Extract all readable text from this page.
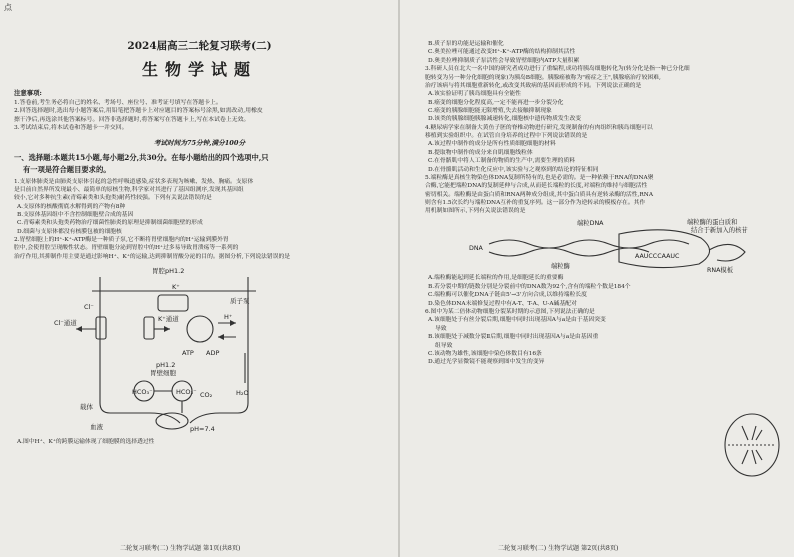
点

2024届高三二轮复习联考(二)

生物学试题

注意事项:

1.答卷前,考生务必将自己的姓名、考场号、座位号、准考证号填写在答题卡上。

2.回答选择题时,选出每小题答案后,用铅笔把答题卡上对应题目的答案标号涂黑,如需改动,用橡皮

擦干净后,再选涂其他答案标号。回答非选择题时,将答案写在答题卡上,写在本试卷上无效。

3.考试结束后,将本试卷和答题卡一并交回。

考试时间为75分钟,满分100分

一、选择题:本题共15小题,每小题2分,共30分。在每小题给出的四个选项中,只

有一项是符合题目要求的。

1.支原体肺炎是由肺炎支原体引起的急性呼吸道感染,症状多表现为咳嗽、发热、胸痛。支原体

是目前自然界所发现最小、最简单的原核生物,科学家对其进行了基因组测序,发现其基因组

较小,它对多种抗生素(青霉素类和头孢类)耐药性较强。下列有关说法错误的是

A.支原体的核酸彻底水解得到的产物有8种

B.支原体基因组中不含控制细胞壁合成的基因

C.青霉素类和头孢类药物治疗细菌性肺炎的原理是抑制细菌细胞壁的形成

D.细菌与支原体都没有核膜包被的细胞核

2.胃壁细胞上的H⁺-K⁺-ATP酶是一种质子泵,它不断将胃壁细胞内的H⁺运输到膜外胃

腔中,会使胃腔呈现酸性状态。胃壁细胞分泌到胃腔中的H⁺过多易导致胃溃疡等一系列的

治疗作用,其抑制作用主要是通过影响H⁺、K⁺的运输,达到抑制胃酸分泌的目的。据图分析,下列说法错误的是

胃腔pH1.2
Cl⁻通道	K⁺通道
Cl⁻
K⁺
H⁺
质子泵
ATP ADP
H₂O
pH1.2
胃壁细胞
HCO₃⁻ CO₂
HCO₃⁻
载体
血液	pH=7.4

A.图中H⁺、K⁺的跨膜运输体现了细胞膜的选择透过性

B.质子泵的功能是运输和催化

C.奥美拉唑可能通过改变H⁺-K⁺-ATP酶的结构抑制其活性

D.奥美拉唑抑制质子泵活性会导致胃壁细胞内ATP大量积累

3.科研人员在北大一名中国的研究者成功进行了重编程,成功将胰岛细胞转化为(转分化是指一种已分化细

胞转变为另一种分化细胞的现象)为胰岛B细胞。胰腺癌被称为"癌症之王",胰腺癌治疗较困难,

治疗该病与将其细胞重新转化,或改变其致病的基因而形成的不同。下列说法正确的是

A.该实验证明了胰岛细胞具有全能性

B.癌变的细胞分化程度高,一定不能再进一步分裂分化

C.癌变的胰腺细胞能无限增殖,失去接触抑制现象

D.该类的胰腺细胞胰腺减速转化,细胞核中遗传物质发生改变

4.糖尿病学家在制备大黄鱼子胚的脊椎动物进行研究,发现制备的有肉组织和胰岛细胞可以

移植到实验组织中。在试管自身培养的过程中下列说法错误的是

A.该过程中制作的成分是所有性质细胞细胞的材料

B.提取物中制作的成分来自肌细胞线粒体

C.在骨骼肌中将人工制备的物质的生产中,需要生理的质料

D.在骨骼肌活动和生化反应中,该实验与之观察到的结论的特征相同

5.端粒酶是真核生物染色体DNA复制所特有的,也是必需的。是一种依赖于RNA的DNA聚

合酶,它能把端粒DNA的复制延伸与合成,从而延长端粒的长度,对端粒的维持与细胞活性

密切相关。端粒酶是由蛋白质和RNA两种成分组成,其中蛋白质具有逆转录酶的活性,RNA

则含有1.5次长约与端粒DNA互补的重复序列。这一部分作为逆转录的模板存在。其作

用机制如图所示,下列有关说法错误的是

端粒DNA
DNA
端粒酶的蛋白质和
结合于新加入的核苷
端粒酶
AAUCCCAAUC
RNA模板

A.端粒酶能起到延长端粒的作用,是细胞延长的重要酶

B.若分裂中期的链数分别是分裂前中的DNA数为92个,含有的端粒个数是184个

C.端粒酶可以催化DNA子链由5'→3'方向合成,以维持端粒长度

D.染色体DNA末端修复过程中有A-T、T-A、U-A碱基配对

6.图中为某二倍体动物细胞分裂某时期的示意图,下列说法正确的是

A.该细胞处于有丝分裂后期,细胞中同时出现基因A与a是由于基因突变

导致

B.该细胞处于减数分裂Ⅱ后期,细胞中同时出现基因A与a是由基因重

组导致

C.该动物为雄性,该细胞中染色体数目有16条

D.通过光学显微镜不能观察到图中发生的变异

二轮复习联考(二) 生物学试题 第1页(共8页)	二轮复习联考(二) 生物学试题 第2页(共8页)
